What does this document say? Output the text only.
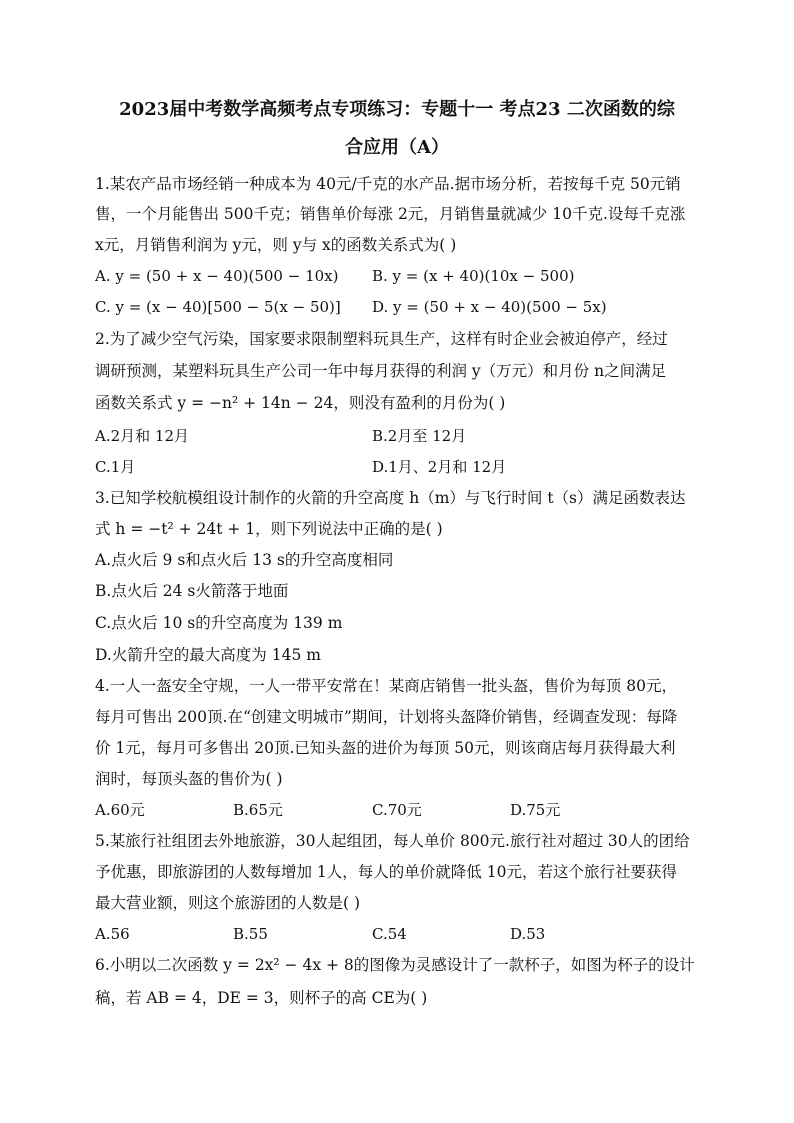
2023届中考数学高频考点专项练习：专题十一 考点23 二次函数的综
合应用（A）
1.某农产品市场经销一种成本为 40元/千克的水产品.据市场分析，若按每千克 50元销
售，一个月能售出 500千克；销售单价每涨 2元，月销售量就减少 10千克.设每千克涨
x元，月销售利润为 y元，则 y与 x的函数关系式为( )
A. y = (50 + x − 40)(500 − 10x) B. y = (x + 40)(10x − 500)
C. y = (x − 40)[500 − 5(x − 50)] D. y = (50 + x − 40)(500 − 5x)
2.为了减少空气污染，国家要求限制塑料玩具生产，这样有时企业会被迫停产，经过
调研预测，某塑料玩具生产公司一年中每月获得的利润 y（万元）和月份 n之间满足
函数关系式 y = −n² + 14n − 24，则没有盈利的月份为( )
A.2月和 12月	B.2月至 12月
C.1月	D.1月、2月和 12月
3.已知学校航模组设计制作的火箭的升空高度 h（m）与飞行时间 t（s）满足函数表达
式 h = −t² + 24t + 1，则下列说法中正确的是( )
A.点火后 9 s和点火后 13 s的升空高度相同
B.点火后 24 s火箭落于地面
C.点火后 10 s的升空高度为 139 m
D.火箭升空的最大高度为 145 m
4.一人一盔安全守规，一人一带平安常在！某商店销售一批头盔，售价为每顶 80元，
每月可售出 200顶.在“创建文明城市”期间，计划将头盔降价销售，经调查发现：每降
价 1元，每月可多售出 20顶.已知头盔的进价为每顶 50元，则该商店每月获得最大利
润时，每顶头盔的售价为( )
A.60元	B.65元	C.70元	D.75元
5.某旅行社组团去外地旅游，30人起组团，每人单价 800元.旅行社对超过 30人的团给
予优惠，即旅游团的人数每增加 1人，每人的单价就降低 10元，若这个旅行社要获得
最大营业额，则这个旅游团的人数是( )
A.56	B.55	C.54	D.53
6.小明以二次函数 y = 2x² − 4x + 8的图像为灵感设计了一款杯子，如图为杯子的设计
稿，若 AB = 4，DE = 3，则杯子的高 CE为( )
